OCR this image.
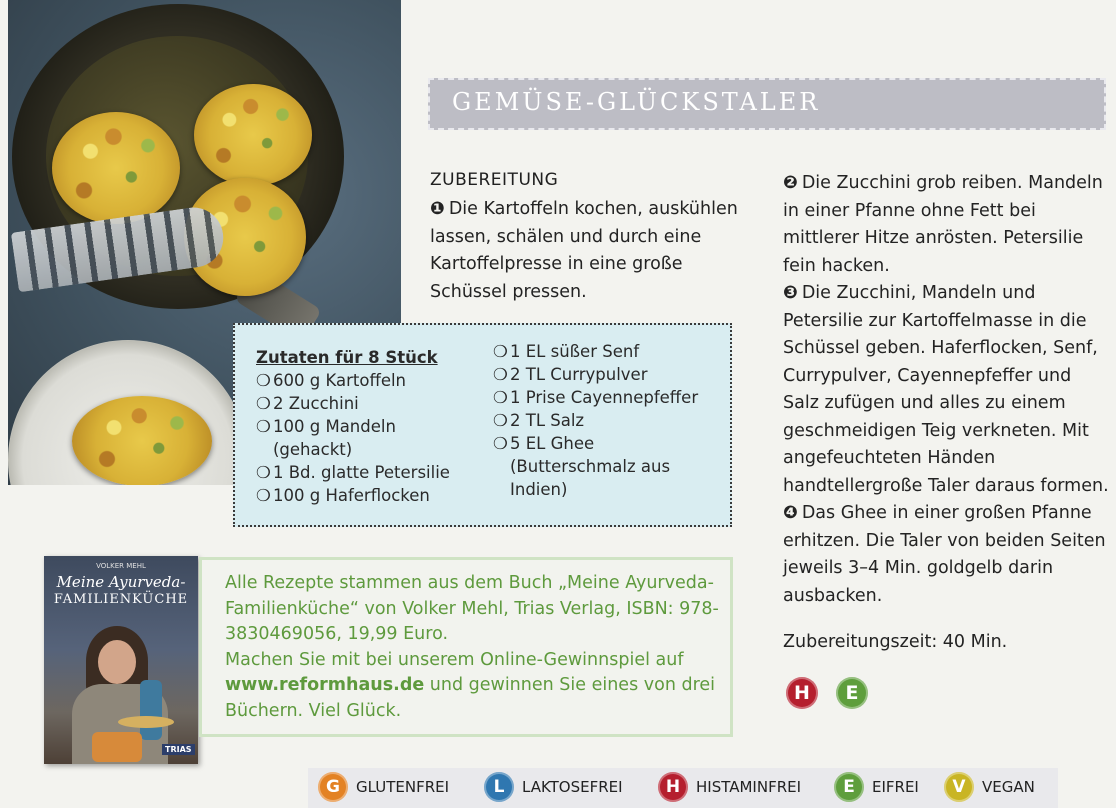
GEMÜSE-GLÜCKSTALER
ZUBEREITUNG

❶ Die Kartoffeln kochen, auskühlen lassen, schälen und durch eine Kartoffelpresse in eine große Schüssel pressen.

❷ Die Zucchini grob reiben. Mandeln in einer Pfanne ohne Fett bei mittlerer Hitze anrösten. Petersilie fein hacken.

❸ Die Zucchini, Mandeln und Petersilie zur Kartoffelmasse in die Schüssel geben. Haferflocken, Senf, Currypulver, Cayennepfeffer und Salz zufügen und alles zu einem geschmeidigen Teig verkneten. Mit angefeuchteten Händen handtellergroße Taler daraus formen.

❹ Das Ghee in einer großen Pfanne erhitzen. Die Taler von beiden Seiten jeweils 3–4 Min. goldgelb darin ausbacken.

Zutaten für 8 Stück
❍ 600 g Kartoffeln
❍ 2 Zucchini
❍ 100 g Mandeln (gehackt)
❍ 1 Bd. glatte Petersilie
❍ 100 g Haferflocken
❍ 1 EL süßer Senf
❍ 2 TL Currypulver
❍ 1 Prise Cayennepfeffer
❍ 2 TL Salz
❍ 5 EL Ghee (Butterschmalz aus Indien)
VOLKER MEHL
Meine Ayurveda-
FAMILIENKÜCHE
TRIAS

Alle Rezepte stammen aus dem Buch „Meine Ayurveda-Familienküche“ von Volker Mehl, Trias Verlag, ISBN: 978-3830469056, 19,99 Euro.
Machen Sie mit bei unserem Online-Gewinnspiel auf www.reformhaus.de und gewinnen Sie eines von drei Büchern. Viel Glück.

Zubereitungszeit: 40 Min.
H	E
G	GLUTENFREI	L	LAKTOSEFREI	H	HISTAMINFREI	E	EIFREI	V	VEGAN
